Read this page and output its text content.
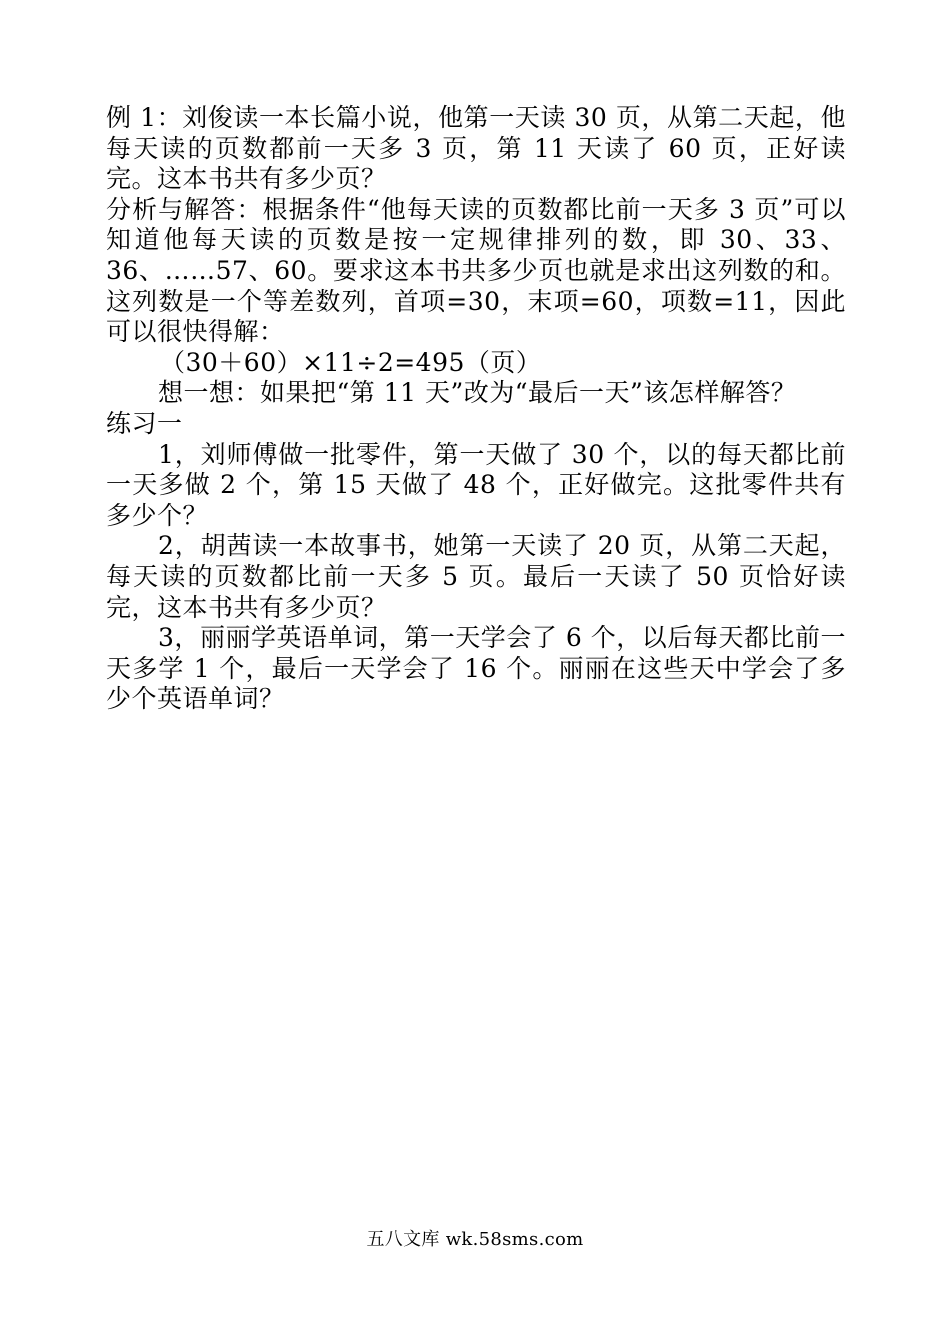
例 1：刘俊读一本长篇小说，他第一天读 30 页，从第二天起，他每天读的页数都前一天多 3 页，第 11 天读了 60 页，正好读完。这本书共有多少页？

分析与解答：根据条件“他每天读的页数都比前一天多 3 页”可以知道他每天读的页数是按一定规律排列的数，即 30、33、36、……57、60。要求这本书共多少页也就是求出这列数的和。这列数是一个等差数列，首项=30，末项=60，项数=11，因此可以很快得解：

（30＋60）×11÷2=495（页）

想一想：如果把“第 11 天”改为“最后一天”该怎样解答？

练习一

1，刘师傅做一批零件，第一天做了 30 个，以的每天都比前一天多做 2 个，第 15 天做了 48 个，正好做完。这批零件共有多少个？

2，胡茜读一本故事书，她第一天读了 20 页，从第二天起，每天读的页数都比前一天多 5 页。最后一天读了 50 页恰好读完，这本书共有多少页？

3，丽丽学英语单词，第一天学会了 6 个，以后每天都比前一天多学 1 个，最后一天学会了 16 个。丽丽在这些天中学会了多少个英语单词？

五八文库 wk.58sms.com
